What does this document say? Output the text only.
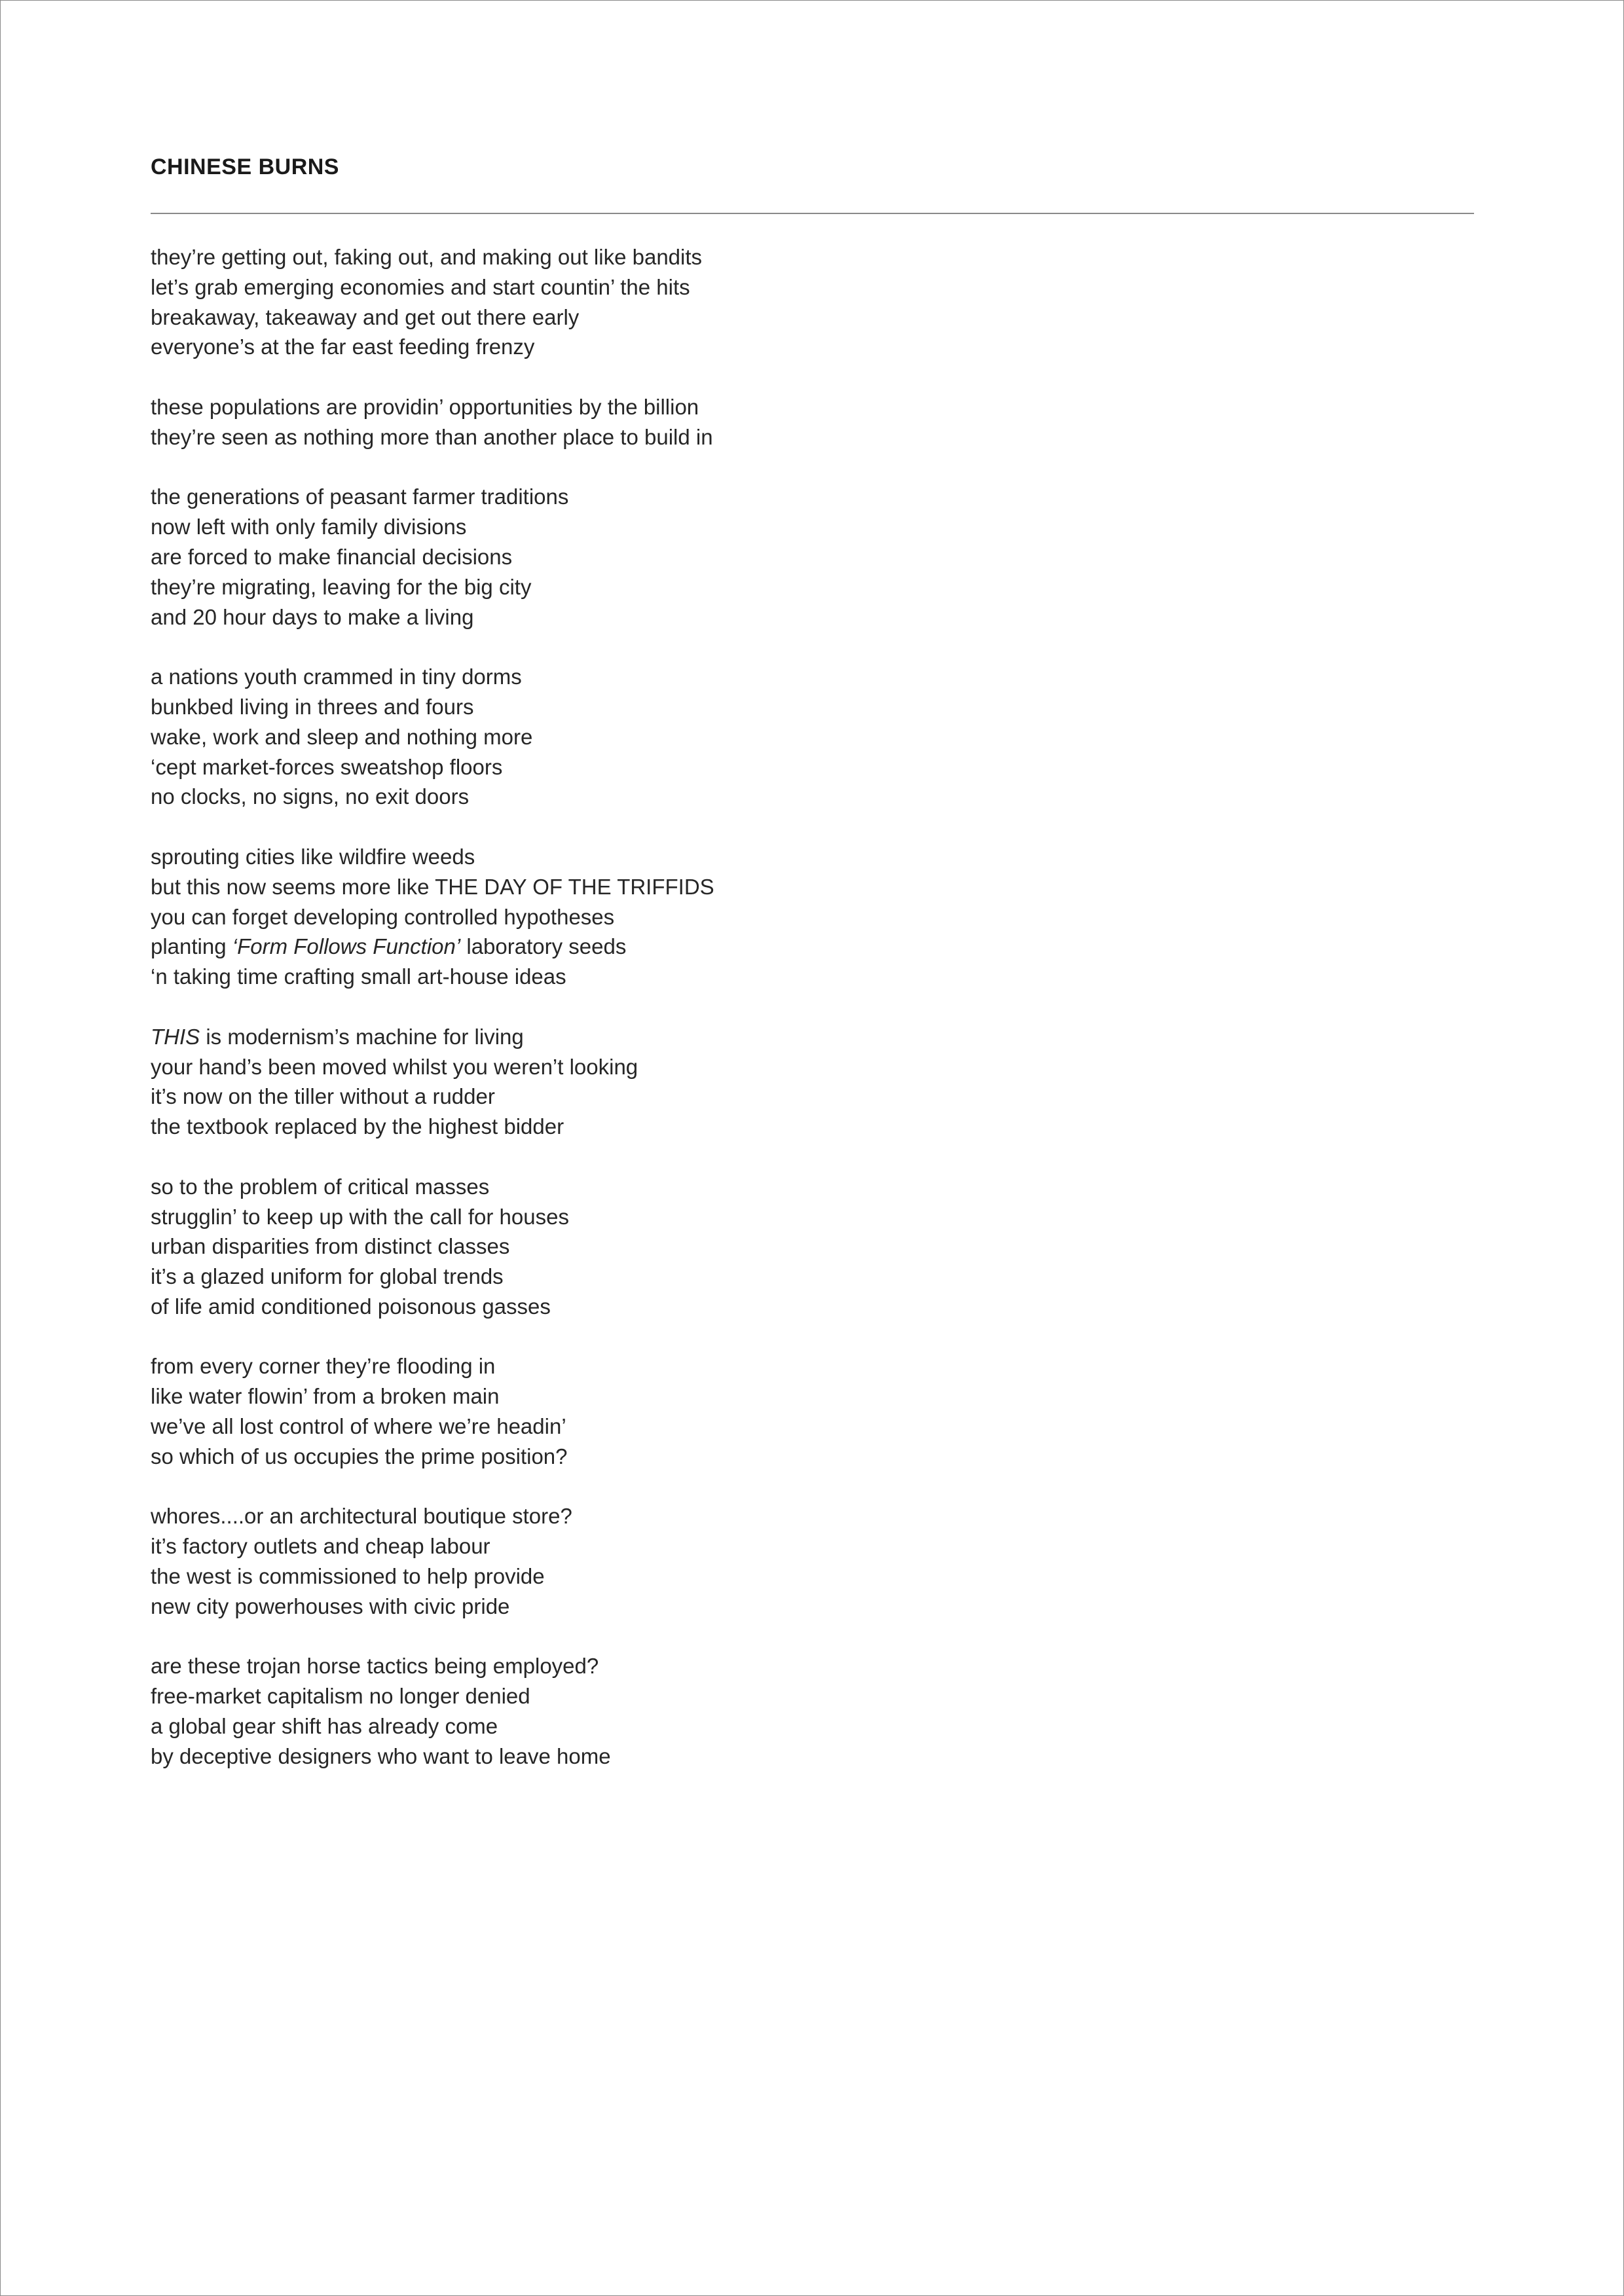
CHINESE BURNS
they’re getting out, faking out, and making out like bandits
let’s grab emerging economies and start countin’ the hits
breakaway, takeaway and get out there early
everyone’s at the far east feeding frenzy
these populations are providin’ opportunities by the billion
they’re seen as nothing more than another place to build in
the generations of peasant farmer traditions
now left with only family divisions
are forced to make financial decisions
they’re migrating, leaving for the big city
and 20 hour days to make a living
a nations youth crammed in tiny dorms
bunkbed living in threes and fours
wake, work and sleep and nothing more
‘cept market-forces sweatshop floors
no clocks, no signs, no exit doors
sprouting cities like wildfire weeds
but this now seems more like THE DAY OF THE TRIFFIDS
you can forget developing controlled hypotheses
planting ‘Form Follows Function’ laboratory seeds
‘n taking time crafting small art-house ideas
THIS is modernism’s machine for living
your hand’s been moved whilst you weren’t looking
it’s now on the tiller without a rudder
the textbook replaced by the highest bidder
so to the problem of critical masses
strugglin’ to keep up with the call for houses
urban disparities from distinct classes
it’s a glazed uniform for global trends
of life amid conditioned poisonous gasses
from every corner they’re flooding in
like water flowin’ from a broken main
we’ve all lost control of where we’re headin’
so which of us occupies the prime position?
whores....or an architectural boutique store?
it’s factory outlets and cheap labour
the west is commissioned to help provide
new city powerhouses with civic pride
are these trojan horse tactics being employed?
free-market capitalism no longer denied
a global gear shift has already come
by deceptive designers who want to leave home
